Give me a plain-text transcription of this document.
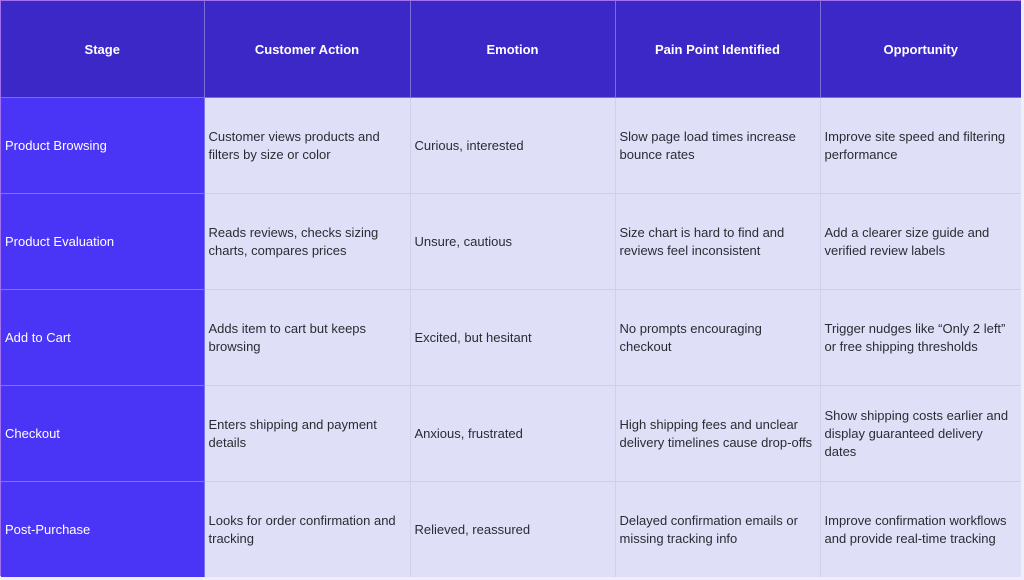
Stage	Customer Action	Emotion	Pain Point Identified	Opportunity
Product Browsing	Customer views products and filters by size or color	Curious, interested	Slow page load times increase bounce rates	Improve site speed and filtering performance
Product Evaluation	Reads reviews, checks sizing charts, compares prices	Unsure, cautious	Size chart is hard to find and reviews feel inconsistent	Add a clearer size guide and verified review labels
Add to Cart	Adds item to cart but keeps browsing	Excited, but hesitant	No prompts encouraging checkout	Trigger nudges like “Only 2 left” or free shipping thresholds
Checkout	Enters shipping and payment details	Anxious, frustrated	High shipping fees and unclear delivery timelines cause drop-offs	Show shipping costs earlier and display guaranteed delivery dates
Post-Purchase	Looks for order confirmation and tracking	Relieved, reassured	Delayed confirmation emails or missing tracking info	Improve confirmation workflows and provide real-time tracking
